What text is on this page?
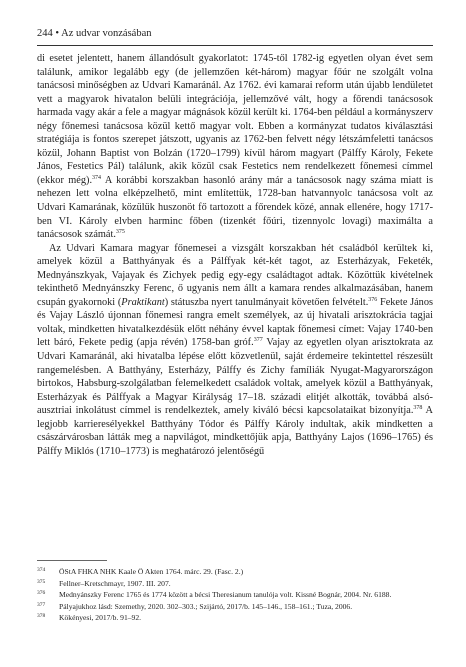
244 • Az udvar vonzásában

di esetet jelentett, hanem állandósult gyakorlatot: 1745-től 1782-ig egyetlen olyan évet sem találunk, amikor legalább egy (de jellemzően két-három) magyar főúr ne szolgált volna tanácsosi minőségben az Udvari Kamaránál. Az 1762. évi kamarai reform után újabb lendületet vett a magyarok hivatalon belüli integrációja, jellemzővé vált, hogy a főrendi tanácsosok harmada vagy akár a fele a magyar mágnások közül került ki. 1764-ben például a kormányszerv négy főnemesi tanácsosa közül kettő magyar volt. Ebben a kormányzat tudatos kiválasztási stratégiája is fontos szerepet játszott, ugyanis az 1762-ben felvett négy létszámfeletti tanácsos közül, Johann Baptist von Bolzán (1720–1799) kívül három magyart (Pálffy Károly, Fekete János, Festetics Pál) találunk, akik közül csak Festetics nem rendelkezett főnemesi címmel (ekkor még).$^{374}$ A korábbi korszakban hasonló arány már a tanácsosok nagy száma miatt is nehezen lett volna elképzelhető, mint említettük, 1728-ban hatvannyolc tanácsosa volt az Udvari Kamarának, közülük huszonöt fő tartozott a főrendek közé, annak ellenére, hogy 1717-ben VI. Károly elvben harminc főben (tizenkét főúri, tizennyolc lovagi) maximálta a tanácsosok számát.$^{375}$

Az Udvari Kamara magyar főnemesei a vizsgált korszakban hét családból kerültek ki, amelyek közül a Batthyányak és a Pálffyak két-két tagot, az Esterházyak, Feketék, Mednyánszkyak, Vajayak és Zichyek pedig egy-egy családtagot adtak. Közöttük kivételnek tekinthető Mednyánszky Ferenc, ő ugyanis nem állt a kamara rendes alkalmazásában, hanem csupán gyakornoki (Praktikant) státuszba nyert tanulmányait követően felvételt.$^{376}$ Fekete János és Vajay László újonnan főnemesi rangra emelt személyek, az új hivatali arisztokrácia tagjai voltak, mindketten hivatalkezdésük előtt néhány évvel kaptak főnemesi címet: Vajay 1740-ben lett báró, Fekete pedig (apja révén) 1758-ban gróf.$^{377}$ Vajay az egyetlen olyan arisztokrata az Udvari Kamaránál, aki hivatalba lépése előtt közvetlenül, saját érdemeire tekintettel részesült rangemelésben. A Batthyány, Esterházy, Pálffy és Zichy famíliák Nyugat-Magyarországon birtokos, Habsburg-szolgálatban felemelkedett családok voltak, amelyek közül a Batthyányak, Esterházyak és Pálffyak a Magyar Királyság 17–18. századi elitjét alkották, továbbá alsó-ausztriai inkolátust címmel is rendelkeztek, amely kiváló bécsi kapcsolataikat bizonyítja.$^{378}$ A legjobb karrieresélyekkel Batthyány Tódor és Pálffy Károly indultak, akik mindketten a császárvárosban látták meg a napvilágot, mindkettőjük apja, Batthyány Lajos (1696–1765) és Pálffy Miklós (1710–1773) is meghatározó jelentőségű

374 ÖStA FHKA NHK Kaale Ö Akten 1764. márc. 29. (Fasc. 2.)
375 Fellner–Kretschmayr, 1907. III. 207.
376 Mednyánszky Ferenc 1765 és 1774 között a bécsi Theresianum tanulója volt. Kissné Bognár, 2004. Nr. 6188.
377 Pályajukhoz lásd: Szemethy, 2020. 302–303.; Szijártó, 2017/b. 145–146., 158–161.; Tuza, 2006.
378 Kökényesi, 2017/b. 91–92.
